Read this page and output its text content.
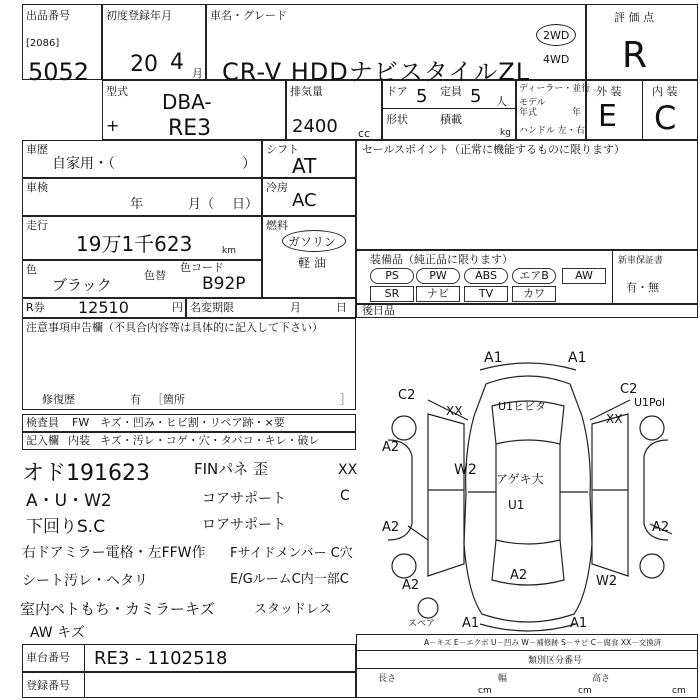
出品番号
[2086]
5052
初度登録年月
20 4 月
車名・グレード
CR-V HDDナビスタイルZL
2WD
4WD
評 価 点
R
型式 DBA-
+ RE3
排気量
2400 cc
ドア 5 定員 5 人
形状	積載
kg
ディーラー・並行
モデル年式	年
ハンドル 左・右
外 装	内 装
E C
車歴
自家用・（	）
車検
年	月（ 日）
走行
19万1千623	km
色
ブラック
色替
色コード
B92P
R券 12510	円 名変期限	月	日
シフト
AT
冷房
AC
燃料
ガソリン
軽 油
セールスポイント（正常に機能するものに限ります）
装備品（純正品に限ります）	新車保証書
有・無
PS	PW	ABS	エアB	AW
SR	ナビ	TV	カワ
後日品
注意事項申告欄（不具合内容等は具体的に記入して下さい）
修復歴	有 ［箇所	］
検査員
記入欄
FW キズ・凹み・ヒビ割・リペア跡・×要
内装 キズ・汚レ・コゲ・穴・タバコ・キレ・破レ
オド191623
A・U・W2
下回りS.C
右ドアミラー電格・左FFW作
シート汚レ・ヘタリ
室内ペトもち・カミラーキズ
AW キズ
FINパネ 歪
コアサポート
ロアサポート
Fサイドメンバー C穴
E/GルームC内一部C
スタッドレス
XX
C
車台番号 RE3 - 1102518
登録番号
A1	A1
C2	C2
U1Pol
XX
XX
U1ヒビタ
A2
W2
A2
アゲキ大
U1
A2
A2	W2
A2
A1	A1
スペア
A－キズ E－エクボ U－凹み W－補修跡 S－サビ C－腐食 XX－交換済
類別区分番号
長さ
cm
幅
cm
高さ
cm
